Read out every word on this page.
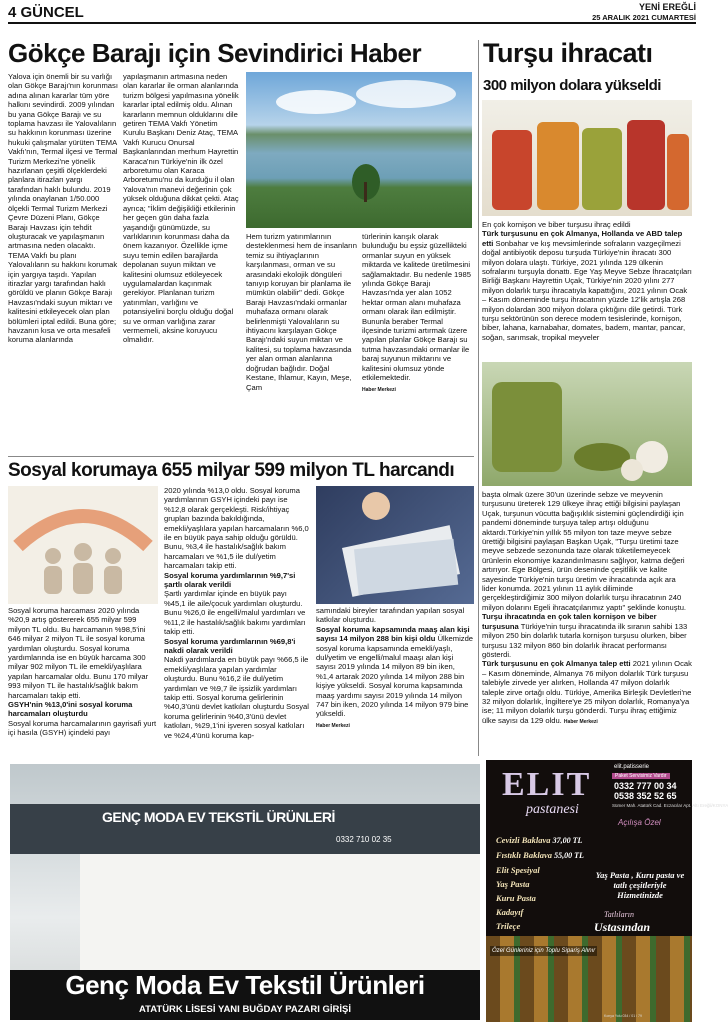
4 GÜNCEL	YENİ EREĞLİ
25 ARALIK 2021 CUMARTESİ
Gökçe Barajı için Sevindirici Haber

Yalova için önemli bir su varlığı olan Gökçe Barajı'nın korunması adına alınan kararlar tüm yöre halkını sevindirdi. 2009 yılından bu yana Gökçe Barajı ve su toplama havzası ile Yalovalıların su hakkının korunması üzerine hukuki çalışmalar yürüten TEMA Vakfı'nın, Termal ilçesi ve Termal Turizm Merkezi'ne yönelik hazırlanan çeşitli ölçeklerdeki planlara itirazları yargı tarafından haklı bulundu. 2019 yılında onaylanan 1/50.000 ölçekli Termal Turizm Merkezi Çevre Düzeni Planı, Gökçe Barajı Havzası için tehdit oluşturacak ve yapılaşmanın artmasına neden olacaktı. TEMA Vakfı bu planı Yalovalıların su hakkını korumak için yargıya taşıdı. Yapılan itirazlar yargı tarafından haklı görüldü ve planın Gökçe Barajı Havzası'ndaki suyun miktarı ve kalitesini etkileyecek olan plan bölümleri iptal edildi. Buna göre; havzanın kısa ve orta mesafeli koruma alanlarında

yapılaşmanın artmasına neden olan kararlar ile orman alanlarında turizm bölgesi yapılmasına yönelik kararlar iptal edilmiş oldu. Alınan kararların memnun olduklarını dile getiren TEMA Vakfı Yönetim Kurulu Başkanı Deniz Ataç, TEMA Vakfı Kurucu Onursal Başkanlarından merhum Hayrettin Karaca'nın Türkiye'nin ilk özel arboretumu olan Karaca Arboretumu'nu da kurduğu il olan Yalova'nın manevi değerinin çok yüksek olduğuna dikkat çekti. Ataç ayrıca; "İklim değişikliği etkilerinin her geçen gün daha fazla yaşandığı günümüzde, su varlıklarının korunması daha da önem kazanıyor. Özellikle içme suyu temin edilen barajlarda depolanan suyun miktarı ve kalitesini olumsuz etkileyecek uygulamalardan kaçınmak gerekiyor. Planlanan turizm yatırımları, varlığını ve potansiyelini borçlu olduğu doğal su ve orman varlığına zarar vermemeli, aksine koruyucu olmalıdır.

Hem turizm yatırımlarının desteklenmesi hem de insanların temiz su ihtiyaçlarının karşılanması, orman ve su arasındaki ekolojik döngüleri tanıyıp koruyan bir planlama ile mümkün olabilir" dedi. Gökçe Barajı Havzası'ndaki ormanlar muhafaza ormanı olarak belirlenmişti Yalovalıların su ihtiyacını karşılayan Gökçe Barajı'ndaki suyun miktarı ve kalitesi, su toplama havzasında yer alan orman alanlarına doğrudan bağlıdır. Doğal Kestane, Ihlamur, Kayın, Meşe, Çam

türlerinin karışık olarak bulunduğu bu eşsiz güzellikteki ormanlar suyun en yüksek miktarda ve kalitede üretilmesini sağlamaktadır. Bu nedenle 1985 yılında Gökçe Barajı Havzası'nda yer alan 1052 hektar orman alanı muhafaza ormanı olarak ilan edilmiştir. Bununla beraber Termal ilçesinde turizmi artırmak üzere yapılan planlar Gökçe Barajı su tutma havzasındaki ormanlar ile baraj suyunun miktarını ve kalitesini olumsuz yönde etkilemektedir.

Haber Merkezi
Turşu ihracatı
300 milyon dolara yükseldi

En çok kornişon ve biber turşusu ihraç edildi

Türk turşusunu en çok Almanya, Hollanda ve ABD talep etti Sonbahar ve kış mevsimlerinde sofraların vazgeçilmezi doğal antibiyotik deposu turşuda Türkiye'nin ihracatı 300 milyon dolara ulaştı. Türkiye, 2021 yılında 129 ülkenin sofralarını turşuyla donattı. Ege Yaş Meyve Sebze İhracatçıları Birliği Başkanı Hayrettin Uçak, Türkiye'nin 2020 yılını 277 milyon dolarlık turşu ihracatıyla kapattığını, 2021 yılının Ocak – Kasım döneminde turşu ihracatının yüzde 12'lik artışla 268 milyon dolardan 300 milyon dolara çıktığını dile getirdi. Türk turşu sektörünün son derece modern tesislerinde, kornişon, biber, lahana, karnabahar, domates, badem, mantar, pancar, soğan, sarımsak, tropikal meyveler

başta olmak üzere 30'un üzerinde sebze ve meyvenin turşusunu üreterek 129 ülkeye ihraç ettiği bilgisini paylaşan Uçak, turşunun vücutta bağışıklık sistemini güçlendirdiği için pandemi döneminde turşuya talep artışı olduğunu aktardı.Türkiye'nin yıllık 55 milyon ton taze meyve sebze ürettiği bilgisini paylaşan Başkan Uçak, "Turşu üretimi taze meyve sebzede sezonunda taze olarak tüketilemeyecek ürünlerin ekonomiye kazandırılmasını sağlıyor, katma değeri artırıyor. Ege Bölgesi, ürün deseninde çeşitlilik ve kalite sayesinde Türkiye'nin turşu üretim ve ihracatında açık ara lider konumda. 2021 yılının 11 aylık diliminde gerçekleştirdiğimiz 300 milyon dolarlık turşu ihracatının 240 milyon dolarını Egeli ihracatçılarımız yaptı" şeklinde konuştu.

Turşu ihracatında en çok talen kornişon ve biber turşusuna Türkiye'nin turşu ihracatında ilk sıranın sahibi 133 milyon 250 bin dolarlık tutarla kornişon turşusu olurken, biber turşusu 132 milyon 860 bin dolarlık ihracat performansı gösterdi.

Türk turşusunu en çok Almanya talep etti 2021 yılının Ocak – Kasım döneminde, Almanya 76 milyon dolarlık Türk turşusu talebiyle zirvede yer alırken, Hollanda 47 milyon dolarlık taleple zirve ortağı oldu. Türkiye, Amerika Birleşik Devletleri'ne 32 milyon dolarlık, İngiltere'ye 25 milyon dolarlık, Romanya'ya ise; 11 milyon dolarlık turşu gönderdi. Turşu ihraç ettiğimiz ülke sayısı da 129 oldu. Haber Merkezi

Sosyal korumaya 655 milyar 599 milyon TL harcandı

Sosyal koruma harcaması 2020 yılında %20,9 artış göstererek 655 milyar 599 milyon TL oldu. Bu harcamanın %98,5'ini 646 milyar 2 milyon TL ile sosyal koruma yardımları oluşturdu. Sosyal koruma yardımlarında ise en büyük harcama 300 milyar 902 milyon TL ile emekli/yaşlılara yapılan harcamalar oldu. Bunu 170 milyar 993 milyon TL ile hastalık/sağlık bakım harcamaları takip etti.

GSYH'nin %13,0'ini sosyal koruma harcamaları oluşturdu

Sosyal koruma harcamalarının gayrisafi yurt içi hasıla (GSYH) içindeki payı

2020 yılında %13,0 oldu. Sosyal koruma yardımlarının GSYH içindeki payı ise %12,8 olarak gerçekleşti. Risk/ihtiyaç grupları bazında bakıldığında, emekli/yaşlılara yapılan harcamaların %6,0 ile en büyük paya sahip olduğu görüldü. Bunu, %3,4 ile hastalık/sağlık bakım harcamaları ve %1,5 ile dul/yetim harcamaları takip etti.

Sosyal koruma yardımlarının %9,7'si şartlı olarak verildi

Şartlı yardımlar içinde en büyük payı %45,1 ile aile/çocuk yardımları oluşturdu. Bunu %26,0 ile engelli/malul yardımları ve %11,2 ile hastalık/sağlık bakımı yardımları takip etti.

Sosyal koruma yardımlarının %69,8'i nakdi olarak verildi

Nakdi yardımlarda en büyük payı %66,5 ile emekli/yaşlılara yapılan yardımlar oluşturdu. Bunu %16,2 ile dul/yetim yardımları ve %9,7 ile işsizlik yardımları takip etti. Sosyal koruma gelirlerinin %40,3'ünü devlet katkıları oluşturdu Sosyal koruma gelirlerinin %40,3'ünü devlet katkıları, %29,1'ini işveren sosyal katkıları ve %24,4'ünü koruma kap-

samındaki bireyler tarafından yapılan sosyal katkılar oluşturdu.

Sosyal koruma kapsamında maaş alan kişi sayısı 14 milyon 288 bin kişi oldu Ülkemizde sosyal koruma kapsamında emekli/yaşlı, dul/yetim ve engelli/malul maaşı alan kişi sayısı 2019 yılında 14 milyon 89 bin iken, %1,4 artarak 2020 yılında 14 milyon 288 bin kişiye yükseldi. Sosyal koruma kapsamında maaş yardımı sayısı 2019 yılında 14 milyon 747 bin iken, 2020 yılında 14 milyon 979 bine yükseldi.

Haber Merkezi
GENÇ MODA EV TEKSTİL ÜRÜNLERİ
0332 710 02 35
Genç Moda Ev Tekstil Ürünleri
ATATÜRK LİSESİ YANI BUĞDAY PAZARI GİRİŞİ
ELIT
pastanesi
elit.patisserie
Paket Servisimiz Vardır
0332 777 00 34
0538 352 52 65
Sümer Mah. Atatürk Cad. Eczacılar Apt. Altı Ereğli/KONYA
Açılışa Özel
Cevizli Baklava 37,00 TL
Fıstıklı Baklava 55,00 TL
Elit Spesiyal
Yaş Pasta
Kuru Pasta
Kadayıf
Trileçe
Yaş Pasta , Kuru pasta ve tatlı çeşitleriyle Hizmetinizde
Tatlıların
Ustasından
Özel Günleriniz için Toplu Sipariş Alınır
Konya Yolu 034 / 01 / 79
